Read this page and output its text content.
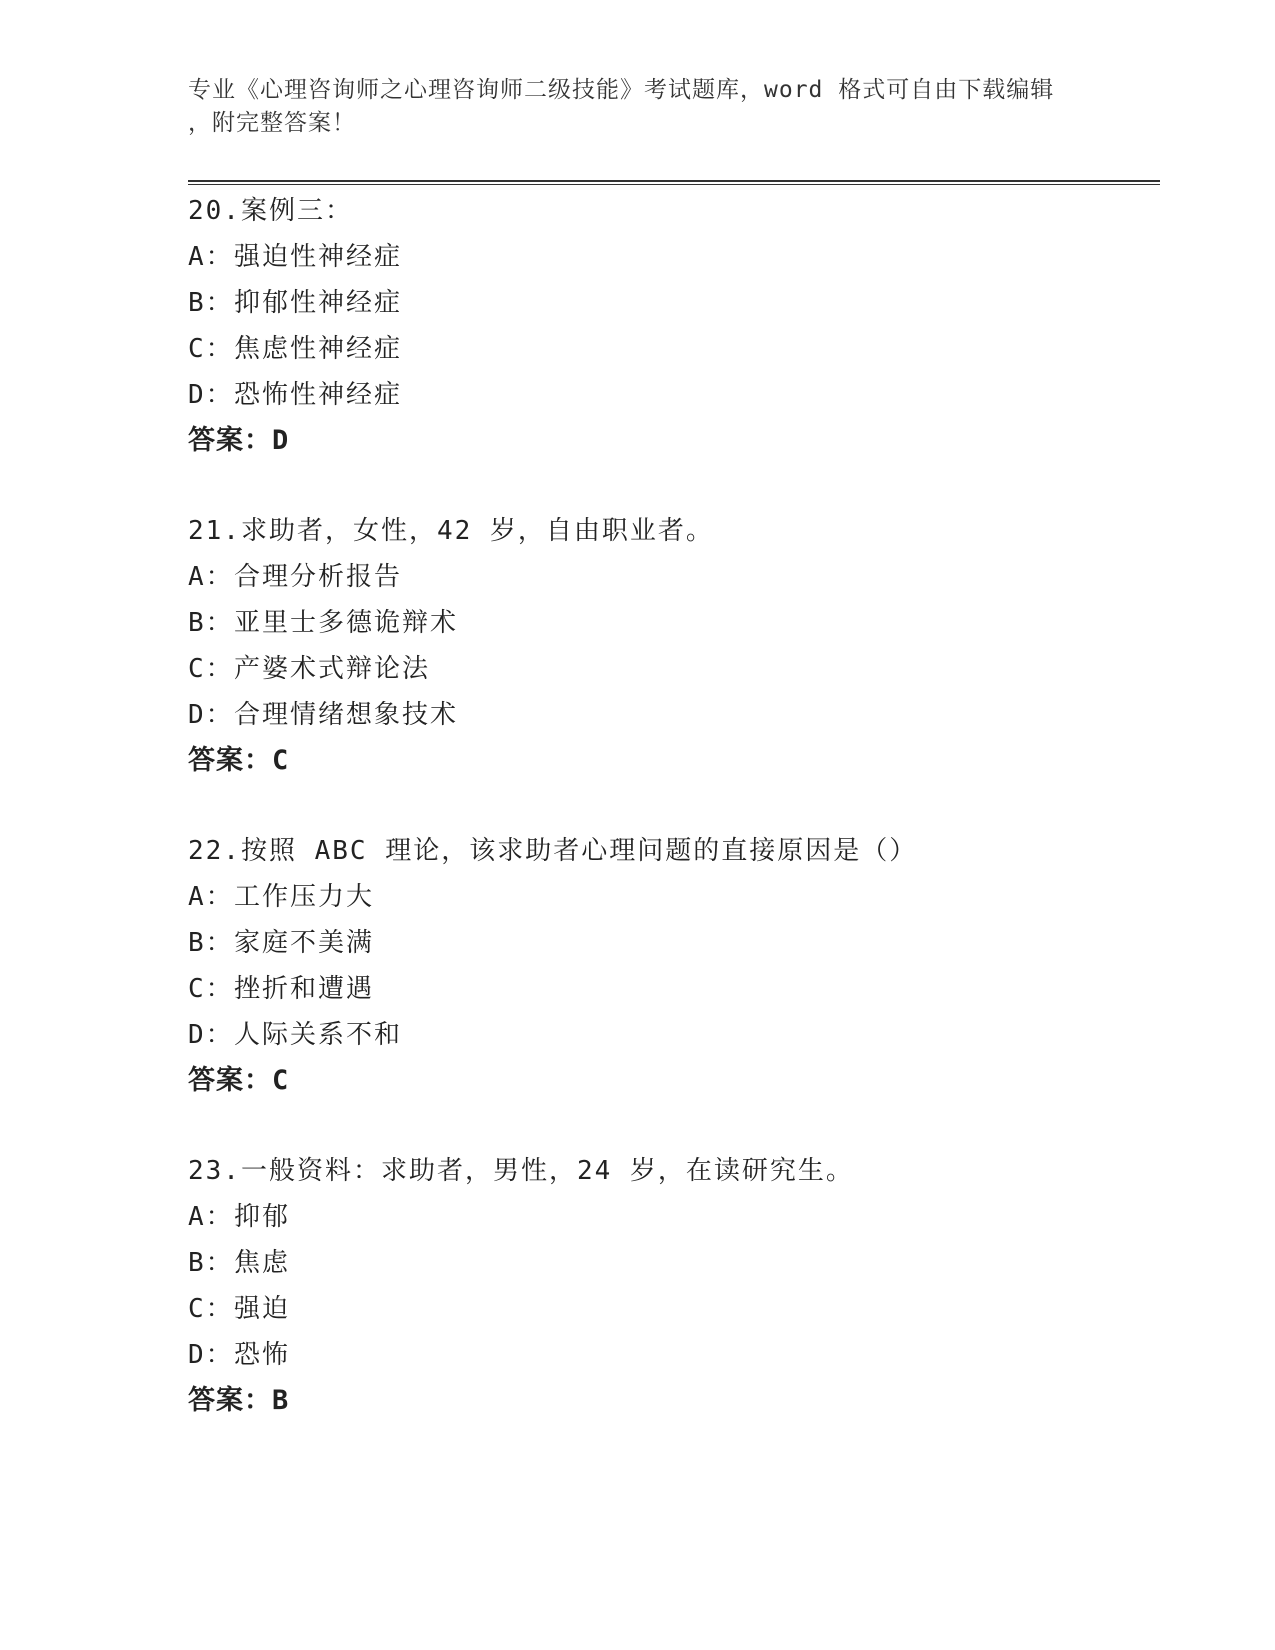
专业《心理咨询师之心理咨询师二级技能》考试题库，word 格式可自由下载编辑
，附完整答案！
20.案例三：
A：强迫性神经症
B：抑郁性神经症
C：焦虑性神经症
D：恐怖性神经症
答案：D
21.求助者，女性，42 岁，自由职业者。
A：合理分析报告
B：亚里士多德诡辩术
C：产婆术式辩论法
D：合理情绪想象技术
答案：C
22.按照 ABC 理论，该求助者心理问题的直接原因是（）
A：工作压力大
B：家庭不美满
C：挫折和遭遇
D：人际关系不和
答案：C
23.一般资料：求助者，男性，24 岁，在读研究生。
A：抑郁
B：焦虑
C：强迫
D：恐怖
答案：B
